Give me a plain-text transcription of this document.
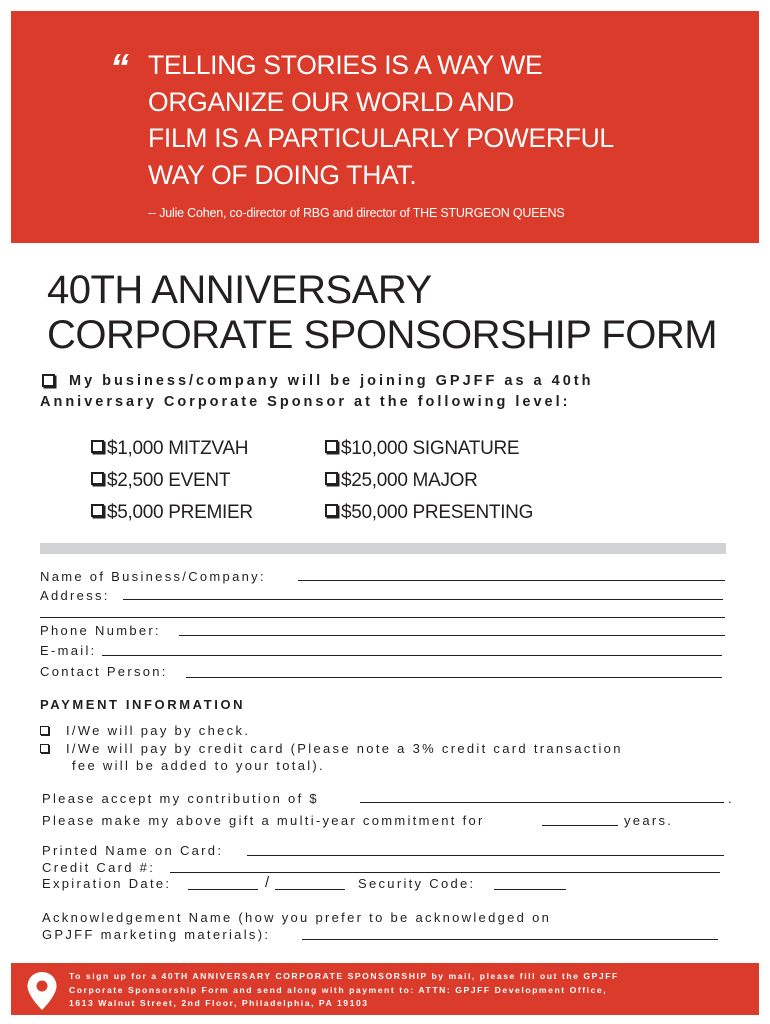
“ TELLING STORIES IS A WAY WE
ORGANIZE OUR WORLD AND
FILM IS A PARTICULARLY POWERFUL
WAY OF DOING THAT.
-- Julie Cohen, co-director of RBG and director of THE STURGEON QUEENS
40TH ANNIVERSARY
CORPORATE SPONSORSHIP FORM
My business/company will be joining GPJFF as a 40th
Anniversary Corporate Sponsor at the following level:
$1,000 MITZVAH
$2,500 EVENT
$5,000 PREMIER
$10,000 SIGNATURE
$25,000 MAJOR
$50,000 PRESENTING
Name of Business/Company:
Address:
Phone Number:
E-mail:
Contact Person:
PAYMENT INFORMATION
I/We will pay by check.
I/We will pay by credit card (Please note a 3% credit card transaction
fee will be added to your total).
Please accept my contribution of $	.
Please make my above gift a multi-year commitment for	years.
Printed Name on Card:
Credit Card #:
Expiration Date:	/	Security Code:
Acknowledgement Name (how you prefer to be acknowledged on
GPJFF marketing materials):
To sign up for a 40TH ANNIVERSARY CORPORATE SPONSORSHIP by mail, please fill out the GPJFF
Corporate Sponsorship Form and send along with payment to: ATTN: GPJFF Development Office,
1613 Walnut Street, 2nd Floor, Philadelphia, PA 19103
